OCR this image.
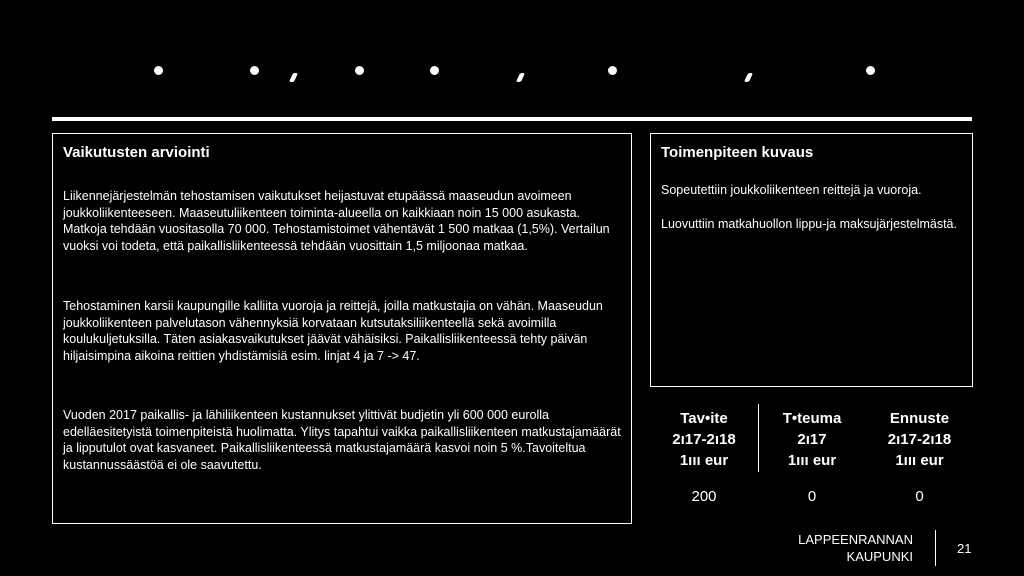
Vaikutusten arviointi
Liikennejärjestelmän tehostamisen vaikutukset heijastuvat etupäässä maaseudun avoimeen joukkoliikenteeseen. Maaseutuliikenteen toiminta-alueella on kaikkiaan noin 15 000 asukasta. Matkoja tehdään vuositasolla 70 000. Tehostamistoimet vähentävät 1 500 matkaa (1,5%). Vertailun vuoksi voi todeta, että paikallisliikenteessä tehdään vuosittain 1,5 miljoonaa matkaa.
Tehostaminen karsii kaupungille kalliita vuoroja ja reittejä, joilla matkustajia on vähän. Maaseudun joukkoliikenteen palvelutason vähennyksiä korvataan kutsutaksiliikenteellä sekä avoimilla koulukuljetuksilla. Täten asiakasvaikutukset jäävät vähäisiksi. Paikallisliikenteessä tehty päivän hiljaisimpina aikoina reittien yhdistämisiä esim. linjat 4 ja 7 -> 47.
Vuoden 2017 paikallis- ja lähiliikenteen kustannukset ylittivät budjetin yli 600 000 eurolla edelläesitetyistä toimenpiteistä huolimatta. Ylitys tapahtui vaikka paikallisliikenteen matkustajamäärät ja lipputulot ovat kasvaneet. Paikallisliikenteessä matkustajamäärä kasvoi noin 5 %.Tavoiteltua kustannussäästöä ei ole saavutettu.
Toimenpiteen kuvaus
Sopeutettiin joukkoliikenteen reittejä ja vuoroja.
Luovuttiin matkahuollon lippu-ja maksujärjestelmästä.
Tav•ite
2ı17-2ı18
1ııı eur
T•teuma
2ı17
1ııı eur
Ennuste
2ı17-2ı18
1ııı eur
200	0	0
LAPPEENRANNAN
KAUPUNKI
21
